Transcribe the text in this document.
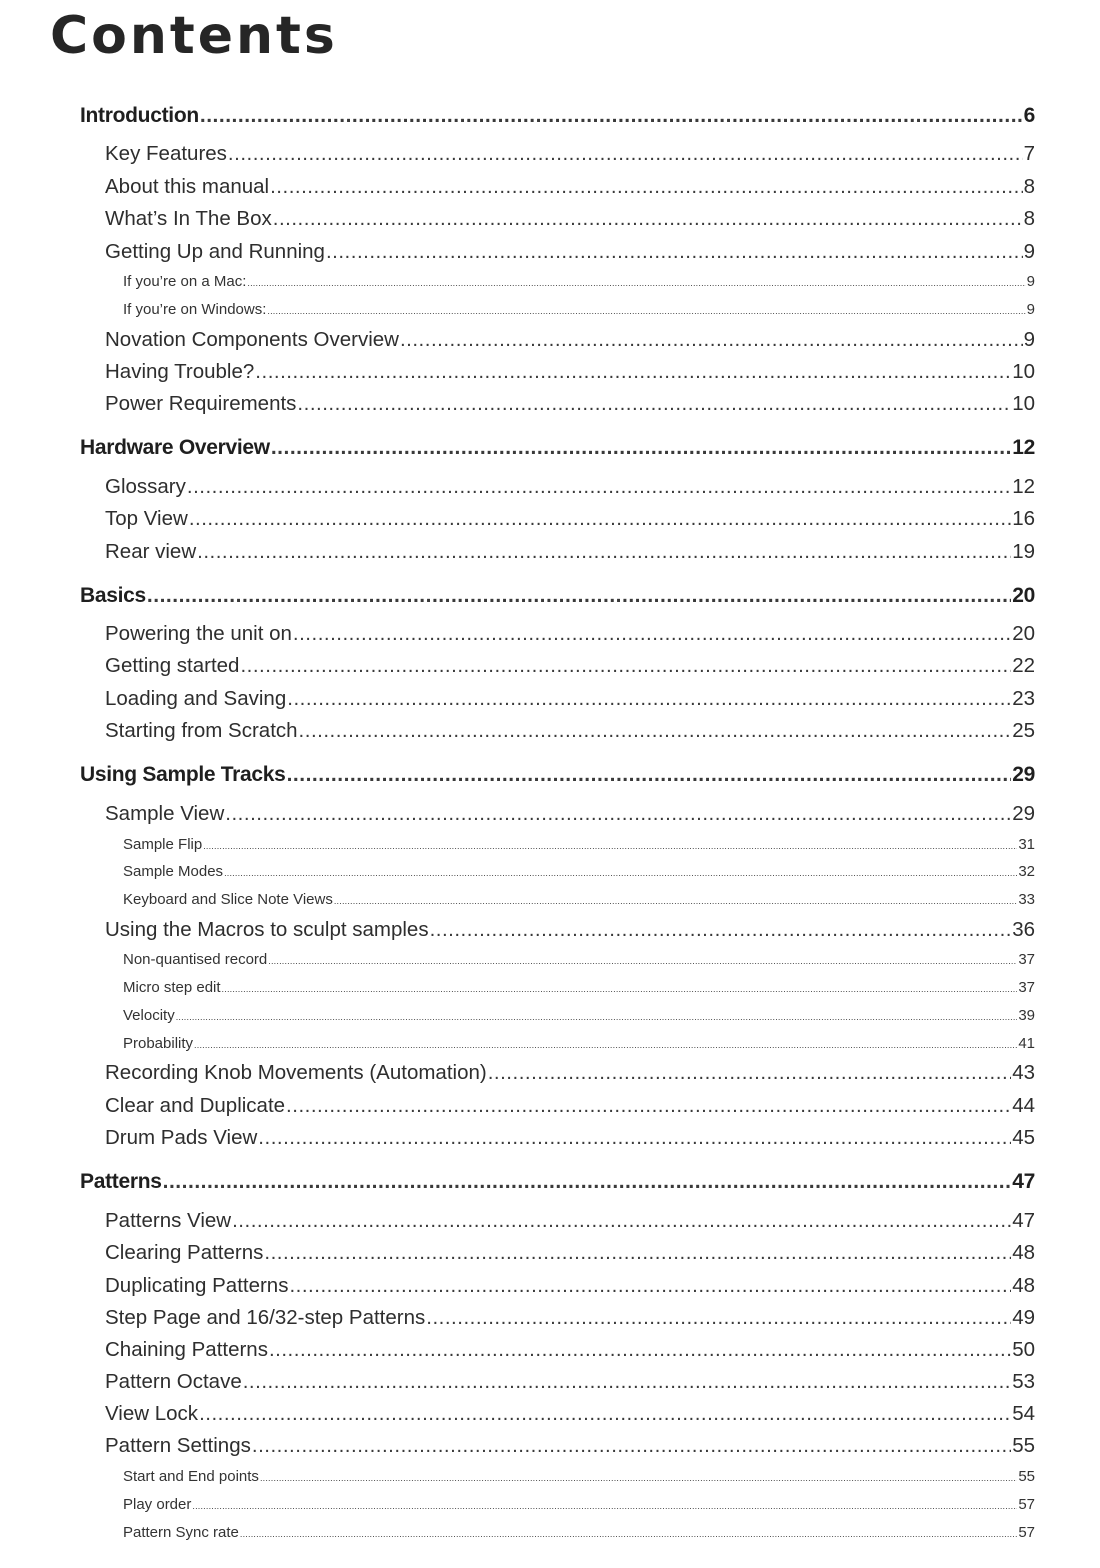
Contents
Introduction .....	6
Key Features .....	7
About this manual .....	8
What’s In The Box .....	8
Getting Up and Running .....	9
If you’re on a Mac: .....	9
If you’re on Windows: .....	9
Novation Components Overview .....	9
Having Trouble? .....	10
Power Requirements .....	10
Hardware Overview .....	12
Glossary .....	12
Top View .....	16
Rear view .....	19
Basics .....	20
Powering the unit on .....	20
Getting started .....	22
Loading and Saving .....	23
Starting from Scratch .....	25
Using Sample Tracks .....	29
Sample View .....	29
Sample Flip .....	31
Sample Modes .....	32
Keyboard and Slice Note Views .....	33
Using the Macros to sculpt samples .....	36
Non-quantised record .....	37
Micro step edit .....	37
Velocity .....	39
Probability .....	41
Recording Knob Movements (Automation) .....	43
Clear and Duplicate .....	44
Drum Pads View .....	45
Patterns .....	47
Patterns View .....	47
Clearing Patterns .....	48
Duplicating Patterns .....	48
Step Page and 16/32-step Patterns .....	49
Chaining Patterns .....	50
Pattern Octave .....	53
View Lock .....	54
Pattern Settings .....	55
Start and End points .....	55
Play order .....	57
Pattern Sync rate .....	57
